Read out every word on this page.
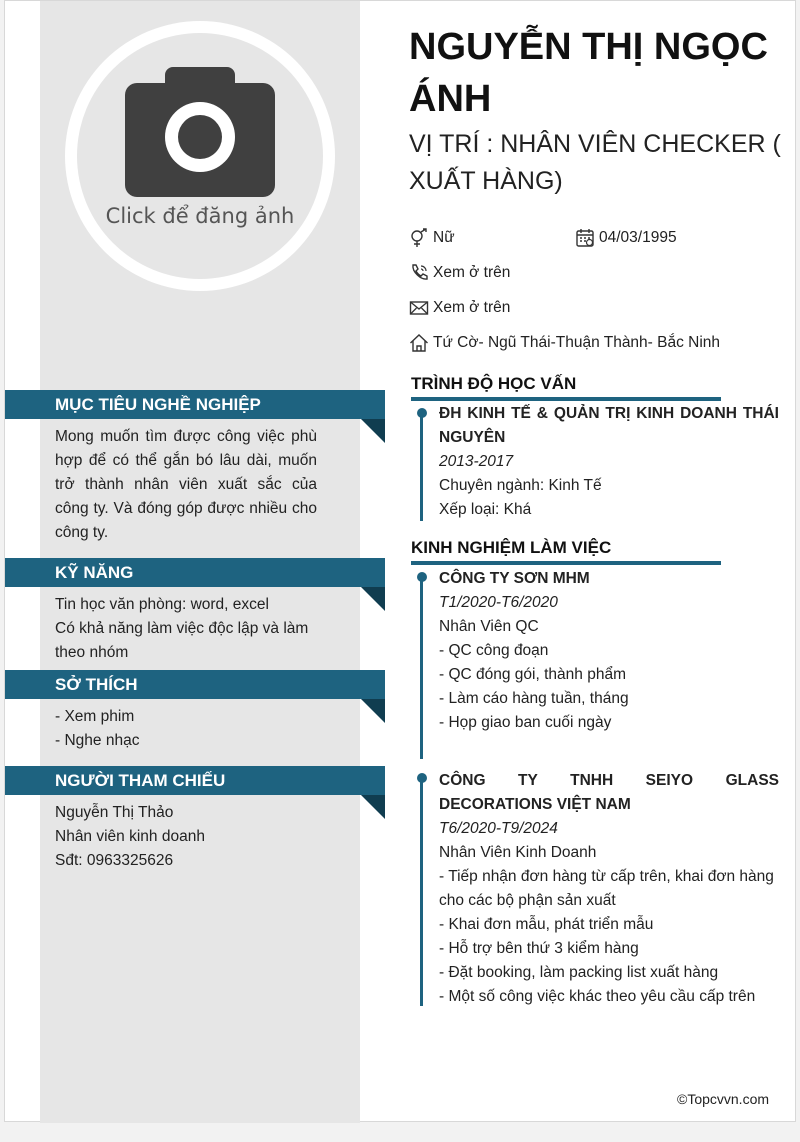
Click để đăng ảnh
MỤC TIÊU NGHỀ NGHIỆP
Mong muốn tìm được công việc phù hợp để có thể gắn bó lâu dài, muốn trở thành nhân viên xuất sắc của công ty. Và đóng góp được nhiều cho công ty.
KỸ NĂNG
Tin học văn phòng: word, excel
Có khả năng làm việc độc lập và làm theo nhóm
SỞ THÍCH
- Xem phim
- Nghe nhạc
NGƯỜI THAM CHIẾU
Nguyễn Thị Thảo
Nhân viên kinh doanh
Sđt: 0963325626
NGUYỄN THỊ NGỌC ÁNH
VỊ TRÍ : NHÂN VIÊN CHECKER ( XUẤT HÀNG)
Nữ	04/03/1995
Xem ở trên
Xem ở trên
Tứ Cờ- Ngũ Thái-Thuận Thành- Bắc Ninh
TRÌNH ĐỘ HỌC VẤN
ĐH KINH TẾ & QUẢN TRỊ KINH DOANH THÁI NGUYÊN
2013-2017
Chuyên ngành: Kinh Tế
Xếp loại: Khá
KINH NGHIỆM LÀM VIỆC
CÔNG TY SƠN MHM
T1/2020-T6/2020
Nhân Viên QC
- QC công đoạn
- QC đóng gói, thành phẩm
- Làm cáo hàng tuần, tháng
- Họp giao ban cuối ngày
CÔNG TY TNHH SEIYO GLASS DECORATIONS VIỆT NAM
T6/2020-T9/2024
Nhân Viên Kinh Doanh
- Tiếp nhận đơn hàng từ cấp trên, khai đơn hàng cho các bộ phận sản xuất
- Khai đơn mẫu, phát triển mẫu
- Hỗ trợ bên thứ 3 kiểm hàng
- Đặt booking, làm packing list xuất hàng
- Một số công việc khác theo yêu cầu cấp trên
©Topcvvn.com
